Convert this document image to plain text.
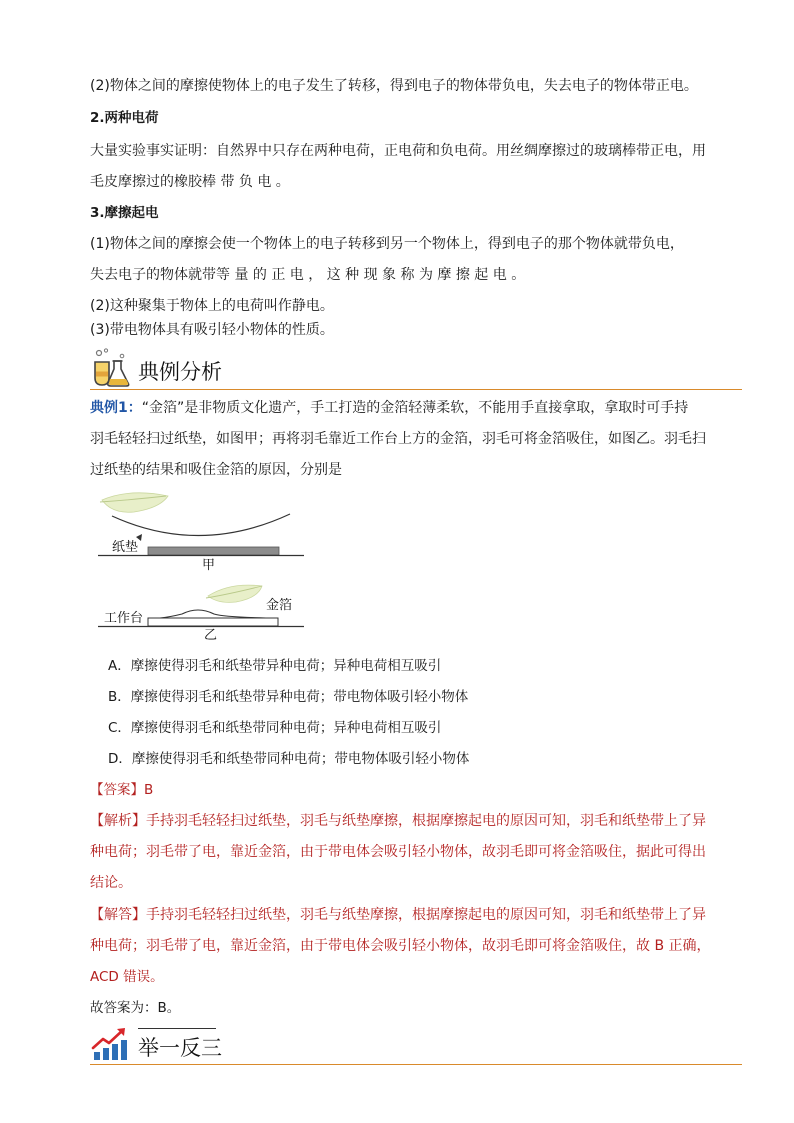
(2)物体之间的摩擦使物体上的电子发生了转移，得到电子的物体带负电，失去电子的物体带正电。
2.两种电荷
大量实验事实证明：自然界中只存在两种电荷，正电荷和负电荷。用丝绸摩擦过的玻璃棒带正电，用
毛皮摩擦过的橡胶棒 带 负 电 。
3.摩擦起电
(1)物体之间的摩擦会使一个物体上的电子转移到另一个物体上，得到电子的那个物体就带负电，
失去电子的物体就带等 量 的 正 电 ， 这 种 现 象 称 为 摩 擦 起 电 。
(2)这种聚集于物体上的电荷叫作静电。
(3)带电物体具有吸引轻小物体的性质。
典例分析
典例1：“金箔”是非物质文化遗产，手工打造的金箔轻薄柔软，不能用手直接拿取，拿取时可手持
羽毛轻轻扫过纸垫，如图甲；再将羽毛靠近工作台上方的金箔，羽毛可将金箔吸住，如图乙。羽毛扫
过纸垫的结果和吸住金箔的原因，分别是
纸垫
甲
金箔
工作台
乙
A．摩擦使得羽毛和纸垫带异种电荷；异种电荷相互吸引
B．摩擦使得羽毛和纸垫带异种电荷；带电物体吸引轻小物体
C．摩擦使得羽毛和纸垫带同种电荷；异种电荷相互吸引
D．摩擦使得羽毛和纸垫带同种电荷；带电物体吸引轻小物体
【答案】B
【解析】手持羽毛轻轻扫过纸垫，羽毛与纸垫摩擦，根据摩擦起电的原因可知，羽毛和纸垫带上了异
种电荷；羽毛带了电，靠近金箔，由于带电体会吸引轻小物体，故羽毛即可将金箔吸住，据此可得出
结论。
【解答】手持羽毛轻轻扫过纸垫，羽毛与纸垫摩擦，根据摩擦起电的原因可知，羽毛和纸垫带上了异
种电荷；羽毛带了电，靠近金箔，由于带电体会吸引轻小物体，故羽毛即可将金箔吸住，故 B 正确，
ACD 错误。
故答案为：B。
举一反三
